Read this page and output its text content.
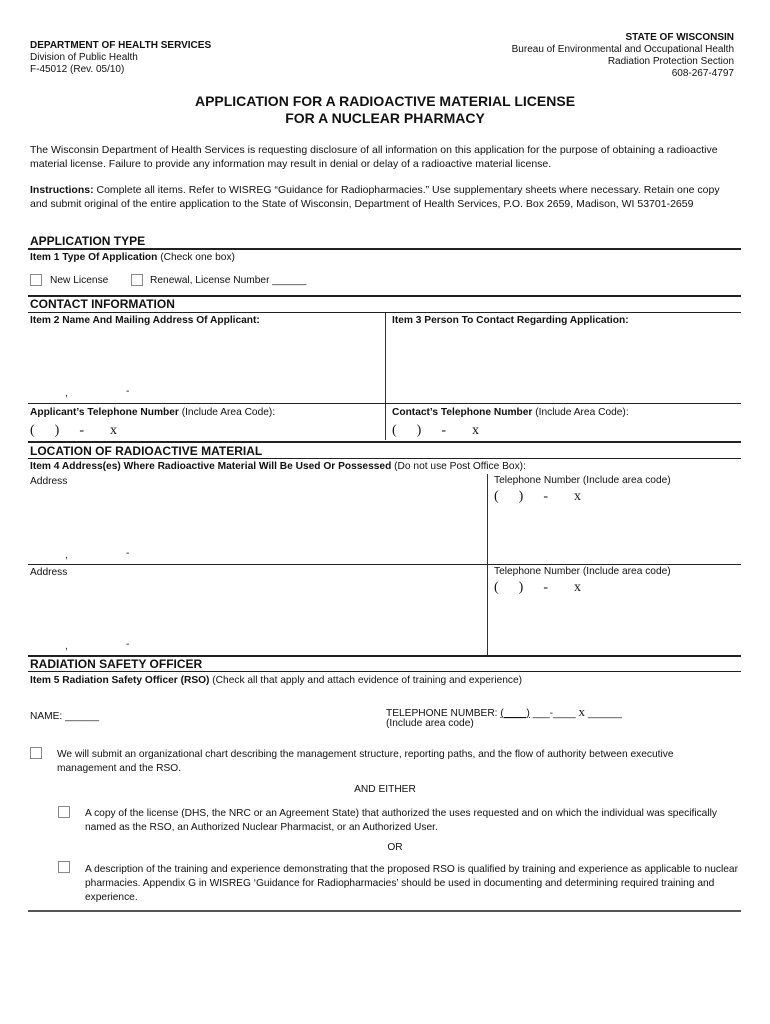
DEPARTMENT OF HEALTH SERVICES
Division of Public Health
F-45012 (Rev. 05/10)
STATE OF WISCONSIN
Bureau of Environmental and Occupational Health
Radiation Protection Section
608-267-4797
APPLICATION FOR A RADIOACTIVE MATERIAL LICENSE
FOR A NUCLEAR PHARMACY
The Wisconsin Department of Health Services is requesting disclosure of all information on this application for the purpose of obtaining a radioactive material license. Failure to provide any information may result in denial or delay of a radioactive material license.
Instructions: Complete all items. Refer to WISREG “Guidance for Radiopharmacies.” Use supplementary sheets where necessary. Retain one copy and submit original of the entire application to the State of Wisconsin, Department of Health Services, P.O. Box 2659, Madison, WI 53701-2659
APPLICATION TYPE
Item 1 Type Of Application (Check one box)
New License	Renewal, License Number ______
CONTACT INFORMATION
Item 2 Name And Mailing Address Of Applicant:	Item 3 Person To Contact Regarding Application:
,	-
Applicant’s Telephone Number (Include Area Code):	Contact’s Telephone Number (Include Area Code):
( ) - x	( ) - x
LOCATION OF RADIOACTIVE MATERIAL
Item 4 Address(es) Where Radioactive Material Will Be Used Or Possessed (Do not use Post Office Box):
Address	Telephone Number (Include area code)
( ) - x
,	-
Address	Telephone Number (Include area code)
( ) - x
,	-
RADIATION SAFETY OFFICER
Item 5 Radiation Safety Officer (RSO) (Check all that apply and attach evidence of training and experience)
NAME: ______	TELEPHONE NUMBER: (____) ___-____ x ______
(Include area code)
We will submit an organizational chart describing the management structure, reporting paths, and the flow of authority between executive management and the RSO.
AND EITHER
A copy of the license (DHS, the NRC or an Agreement State) that authorized the uses requested and on which the individual was specifically named as the RSO, an Authorized Nuclear Pharmacist, or an Authorized User.
OR
A description of the training and experience demonstrating that the proposed RSO is qualified by training and experience as applicable to nuclear pharmacies. Appendix G in WISREG ‘Guidance for Radiopharmacies’ should be used in documenting and determining required training and experience.
